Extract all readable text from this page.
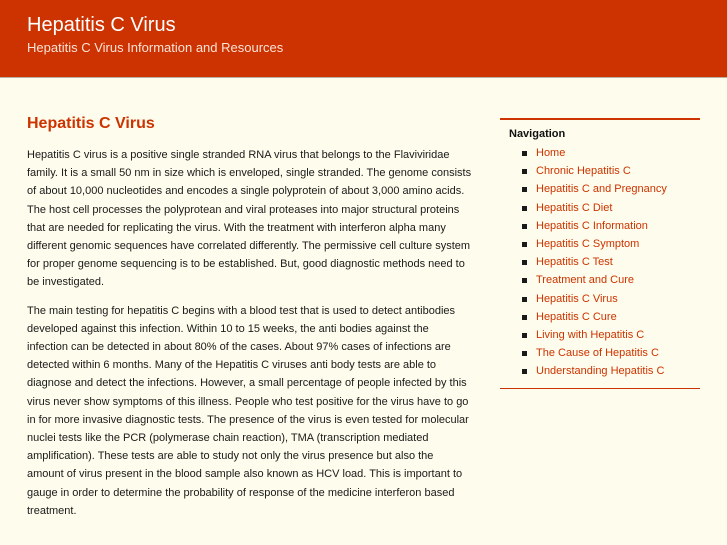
Hepatitis C Virus
Hepatitis C Virus Information and Resources
Hepatitis C Virus

Hepatitis C virus is a positive single stranded RNA virus that belongs to the Flaviviridae family. It is a small 50 nm in size which is enveloped, single stranded. The genome consists of about 10,000 nucleotides and encodes a single polyprotein of about 3,000 amino acids. The host cell processes the polyprotean and viral proteases into major structural proteins that are needed for replicating the virus. With the treatment with interferon alpha many different genomic sequences have correlated differently. The permissive cell culture system for proper genome sequencing is to be established. But, good diagnostic methods need to be investigated.

The main testing for hepatitis C begins with a blood test that is used to detect antibodies developed against this infection. Within 10 to 15 weeks, the anti bodies against the infection can be detected in about 80% of the cases. About 97% cases of infections are detected within 6 months. Many of the Hepatitis C viruses anti body tests are able to diagnose and detect the infections. However, a small percentage of people infected by this virus never show symptoms of this illness. People who test positive for the virus have to go in for more invasive diagnostic tests. The presence of the virus is even tested for molecular nuclei tests like the PCR (polymerase chain reaction), TMA (transcription mediated amplification). These tests are able to study not only the virus presence but also the amount of virus present in the blood sample also known as HCV load. This is important to gauge in order to determine the probability of response of the medicine interferon based treatment.

Navigation
Home
Chronic Hepatitis C
Hepatitis C and Pregnancy
Hepatitis C Diet
Hepatitis C Information
Hepatitis C Symptom
Hepatitis C Test
Treatment and Cure
Hepatitis C Virus
Hepatitis C Cure
Living with Hepatitis C
The Cause of Hepatitis C
Understanding Hepatitis C
